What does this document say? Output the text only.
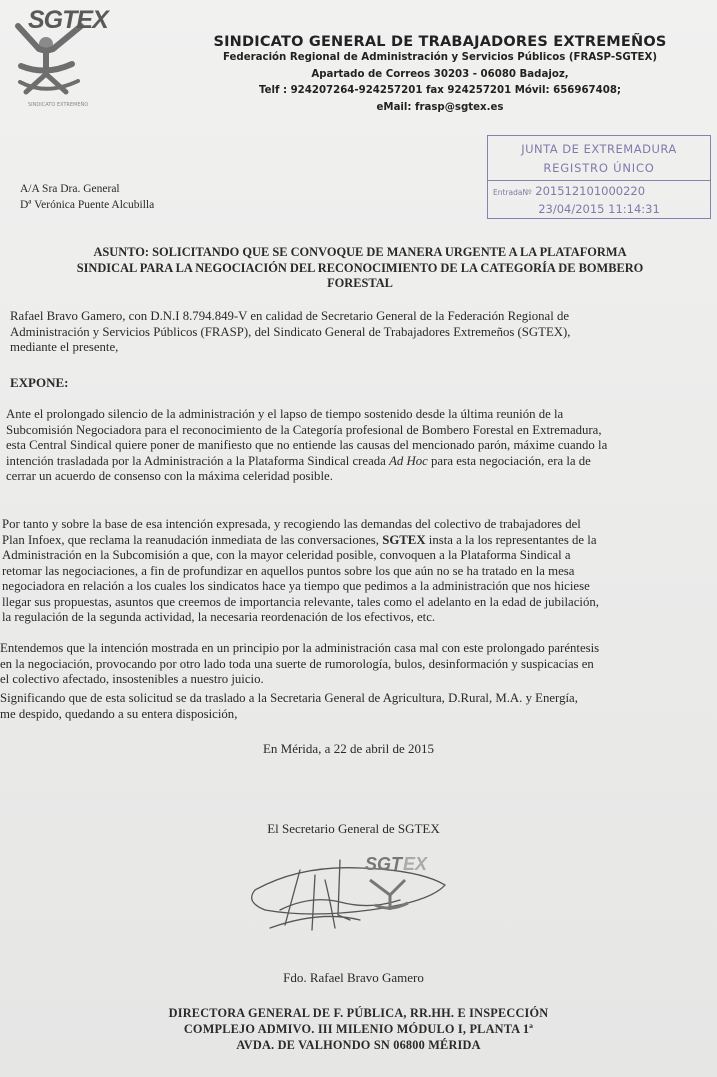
SINDICATO EXTREMEÑO
SGTEX
SINDICATO GENERAL DE TRABAJADORES EXTREMEÑOS
Federación Regional de Administración y Servicios Públicos (FRASP-SGTEX)
Apartado de Correos 30203 - 06080 Badajoz,
Telf : 924207264-924257201 fax 924257201 Móvil: 656967408;
eMail: frasp@sgtex.es
JUNTA DE EXTREMADURA
REGISTRO ÚNICO
EntradaNº 201512101000220
23/04/2015 11:14:31
A/A Sra Dra. General
Dª Verónica Puente Alcubilla
ASUNTO: SOLICITANDO QUE SE CONVOQUE DE MANERA URGENTE A LA PLATAFORMA
SINDICAL PARA LA NEGOCIACIÓN DEL RECONOCIMIENTO DE LA CATEGORÍA DE BOMBERO
FORESTAL
Rafael Bravo Gamero, con D.N.I 8.794.849-V en calidad de Secretario General de la Federación Regional de
Administración y Servicios Públicos (FRASP), del Sindicato General de Trabajadores Extremeños (SGTEX),
mediante el presente,
EXPONE:
Ante el prolongado silencio de la administración y el lapso de tiempo sostenido desde la última reunión de la
Subcomisión Negociadora para el reconocimiento de la Categoría profesional de Bombero Forestal en Extremadura,
esta Central Sindical quiere poner de manifiesto que no entiende las causas del mencionado parón, máxime cuando la
intención trasladada por la Administración a la Plataforma Sindical creada Ad Hoc para esta negociación, era la de
cerrar un acuerdo de consenso con la máxima celeridad posible.
Por tanto y sobre la base de esa intención expresada, y recogiendo las demandas del colectivo de trabajadores del
Plan Infoex, que reclama la reanudación inmediata de las conversaciones, SGTEX insta a la los representantes de la
Administración en la Subcomisión a que, con la mayor celeridad posible, convoquen a la Plataforma Sindical a
retomar las negociaciones, a fin de profundizar en aquellos puntos sobre los que aún no se ha tratado en la mesa
negociadora en relación a los cuales los sindicatos hace ya tiempo que pedimos a la administración que nos hiciese
llegar sus propuestas, asuntos que creemos de importancia relevante, tales como el adelanto en la edad de jubilación,
la regulación de la segunda actividad, la necesaria reordenación de los efectivos, etc.
Entendemos que la intención mostrada en un principio por la administración casa mal con este prolongado paréntesis
en la negociación, provocando por otro lado toda una suerte de rumorología, bulos, desinformación y suspicacias en
el colectivo afectado, insostenibles a nuestro juicio.
Significando que de esta solicitud se da traslado a la Secretaria General de Agricultura, D.Rural, M.A. y Energía,
me despido, quedando a su entera disposición,
En Mérida, a 22 de abril de 2015
El Secretario General de SGTEX
SGT EX
Fdo. Rafael Bravo Gamero
DIRECTORA GENERAL DE F. PÚBLICA, RR.HH. E INSPECCIÓN
COMPLEJO ADMIVO. III MILENIO MÓDULO I, PLANTA 1ª
AVDA. DE VALHONDO SN 06800 MÉRIDA
